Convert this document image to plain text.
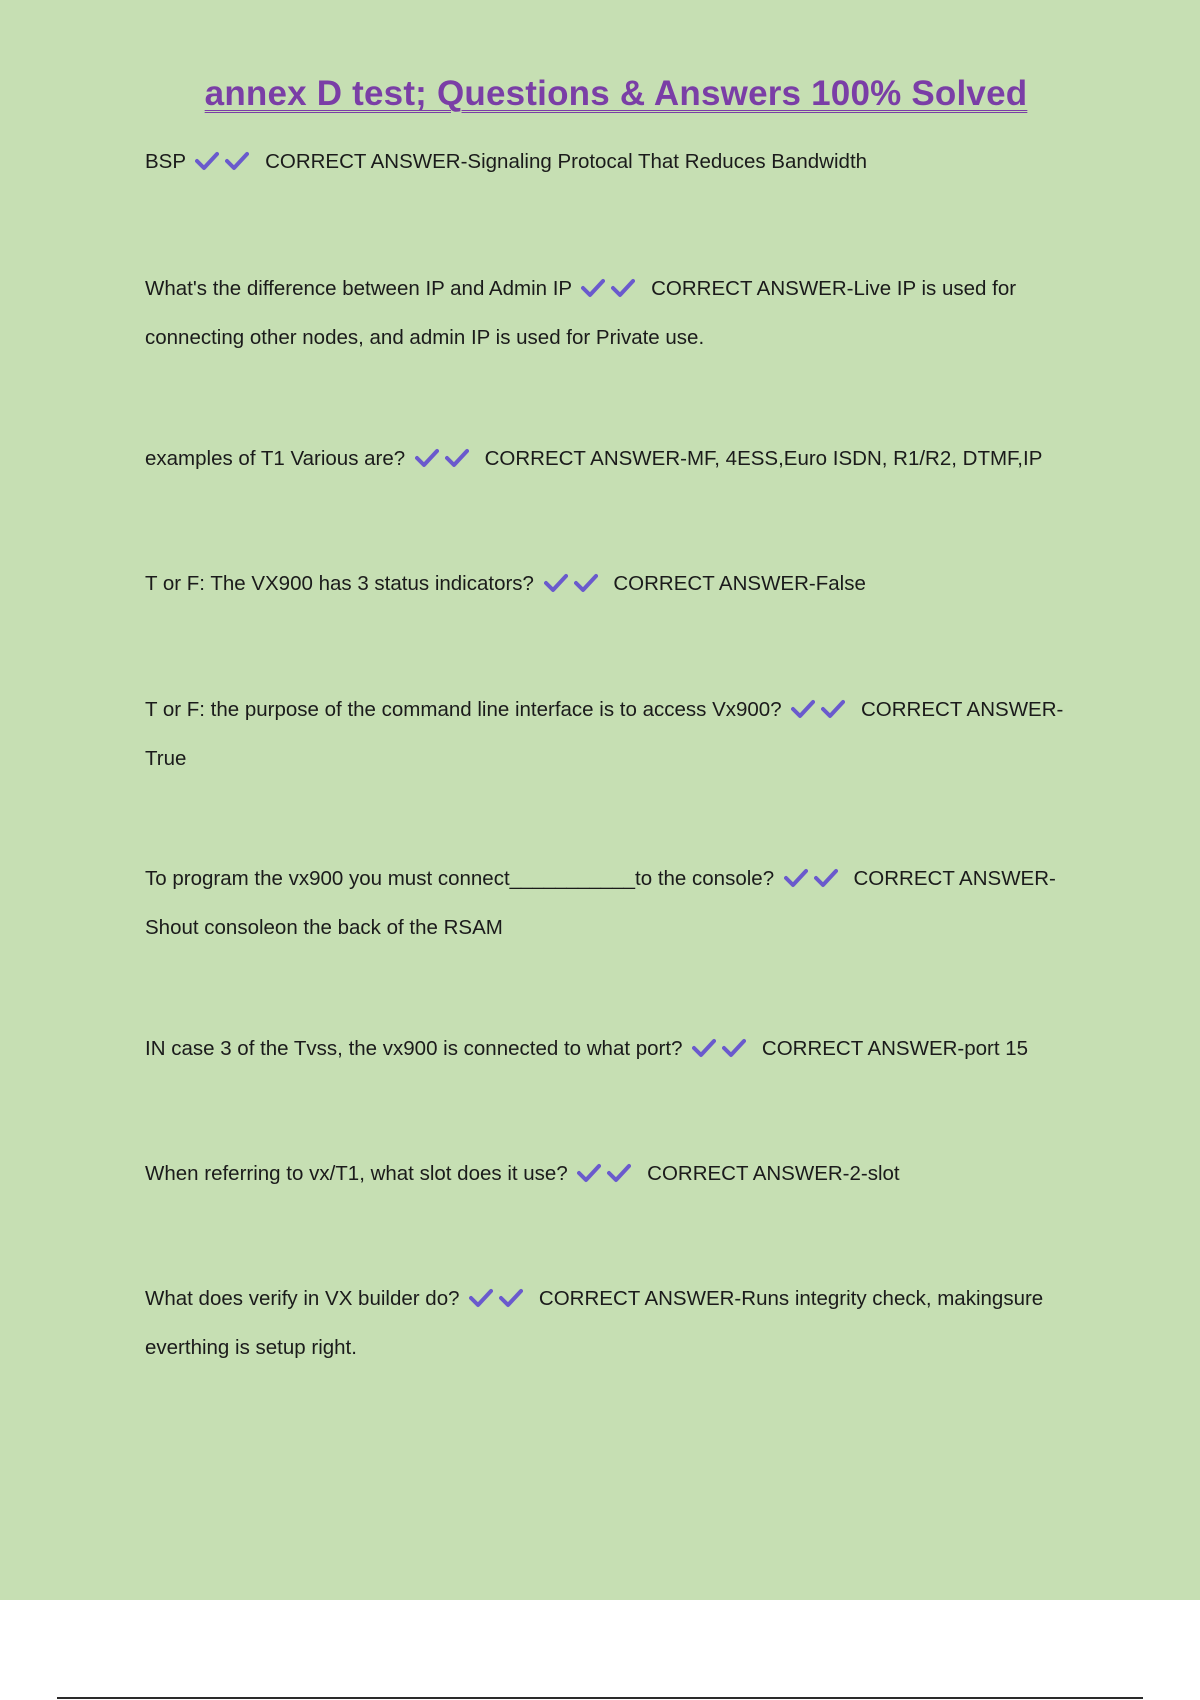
annex D test; Questions & Answers 100% Solved

BSP	CORRECT ANSWER-Signaling Protocal That Reduces Bandwidth

What's the difference between IP and Admin IP	CORRECT ANSWER-Live IP is used for connecting other nodes, and admin IP is used for Private use.

examples of T1 Various are?	CORRECT ANSWER-MF, 4ESS,Euro ISDN, R1/R2, DTMF,IP

T or F: The VX900 has 3 status indicators?	CORRECT ANSWER-False

T or F: the purpose of the command line interface is to access Vx900?	CORRECT ANSWER-True

To program the vx900 you must connect___________to the console?	CORRECT ANSWER-Shout consoleon the back of the RSAM

IN case 3 of the Tvss, the vx900 is connected to what port?	CORRECT ANSWER-port 15

When referring to vx/T1, what slot does it use?	CORRECT ANSWER-2-slot

What does verify in VX builder do?	CORRECT ANSWER-Runs integrity check, makingsure everthing is setup right.
